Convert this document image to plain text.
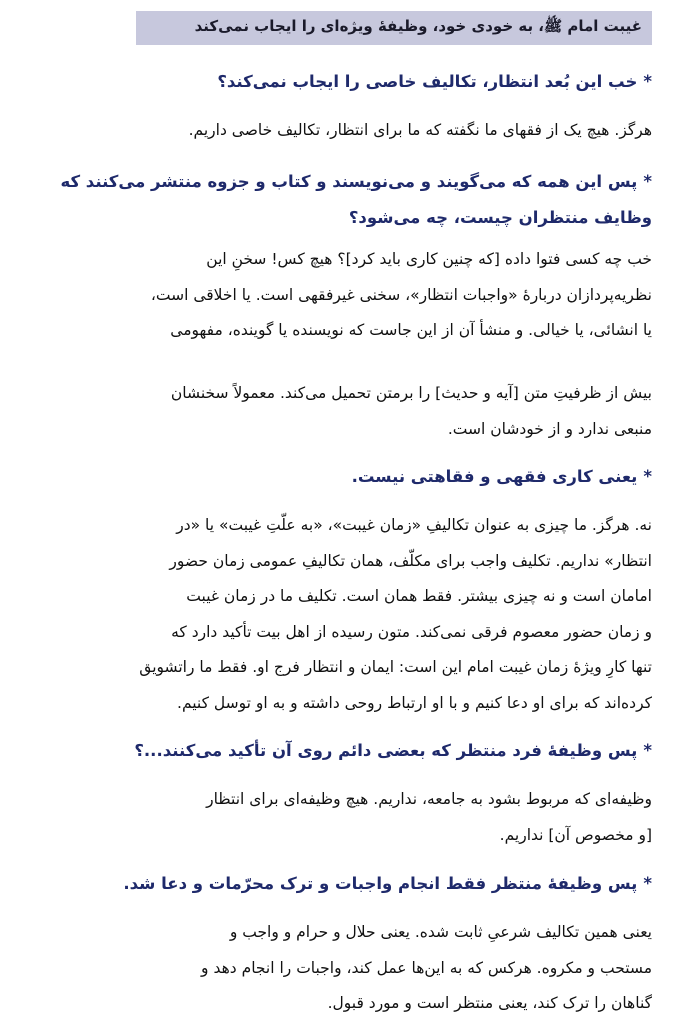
غیبت امام ﷺ، به خودی خود، وظیفهٔ ویژه‌ای را ایجاب نمی‌کند
*خب این بُعد انتظار، تکالیف خاصی را ایجاب نمی‌کند؟
هرگز. هیچ یک از فقهای ما نگفته که ما برای انتظار، تکالیف خاصی داریم.
*پس این همه که می‌گویند و می‌نویسند و کتاب و جزوه منتشر می‌کنند که
وظایف منتظران چیست، چه می‌شود؟
خب چه کسی فتوا داده [که چنین کاری باید کرد]؟ هیچ کس! سخنِ این
نظریه‌پردازان دربارهٔ «واجبات انتظار»، سخنی غیرفقهی است. یا اخلاقی است،
یا انشائی، یا خیالی. و منشأ آن از این جاست که نویسنده یا گوینده، مفهومی
بیش از ظرفیتِ متن [آیه و حدیث] را برمتن تحمیل می‌کند. معمولاً سخنشان
منبعی ندارد و از خودشان است.
*یعنی کاری فقهی و فقاهتی نیست.
نه. هرگز. ما چیزی به عنوان تکالیفِ «زمان غیبت»، «به علّتِ غیبت» یا «در
انتظار» نداریم. تکلیف واجب برای مکلّف، همان تکالیفِ عمومی زمان حضور
امامان است و نه چیزی بیشتر. فقط همان است. تکلیف ما در زمان غیبت
و زمان حضور معصوم فرقی نمی‌کند. متون رسیده از اهل بیت تأکید دارد که
تنها کارِ ویژهٔ زمان غیبت امام این است: ایمان و انتظار فرج او. فقط ما راتشویق
کرده‌اند که برای او دعا کنیم و با او ارتباط روحی داشته و به او توسل کنیم.
*پس وظیفهٔ فرد منتظر که بعضی دائم روی آن تأکید می‌کنند...؟
وظیفه‌ای که مربوط بشود به جامعه، نداریم. هیچ وظیفه‌ای برای انتظار
[و مخصوص آن] نداریم.
*پس وظیفهٔ منتظر فقط انجام واجبات و ترک محرّمات و دعا شد.
یعنی همین تکالیف شرعیِ ثابت شده. یعنی حلال و حرام و واجب و
مستحب و مکروه. هرکس که به این‌ها عمل کند، واجبات را انجام دهد و
گناهان را ترک کند، یعنی منتظر است و مورد قبول.
